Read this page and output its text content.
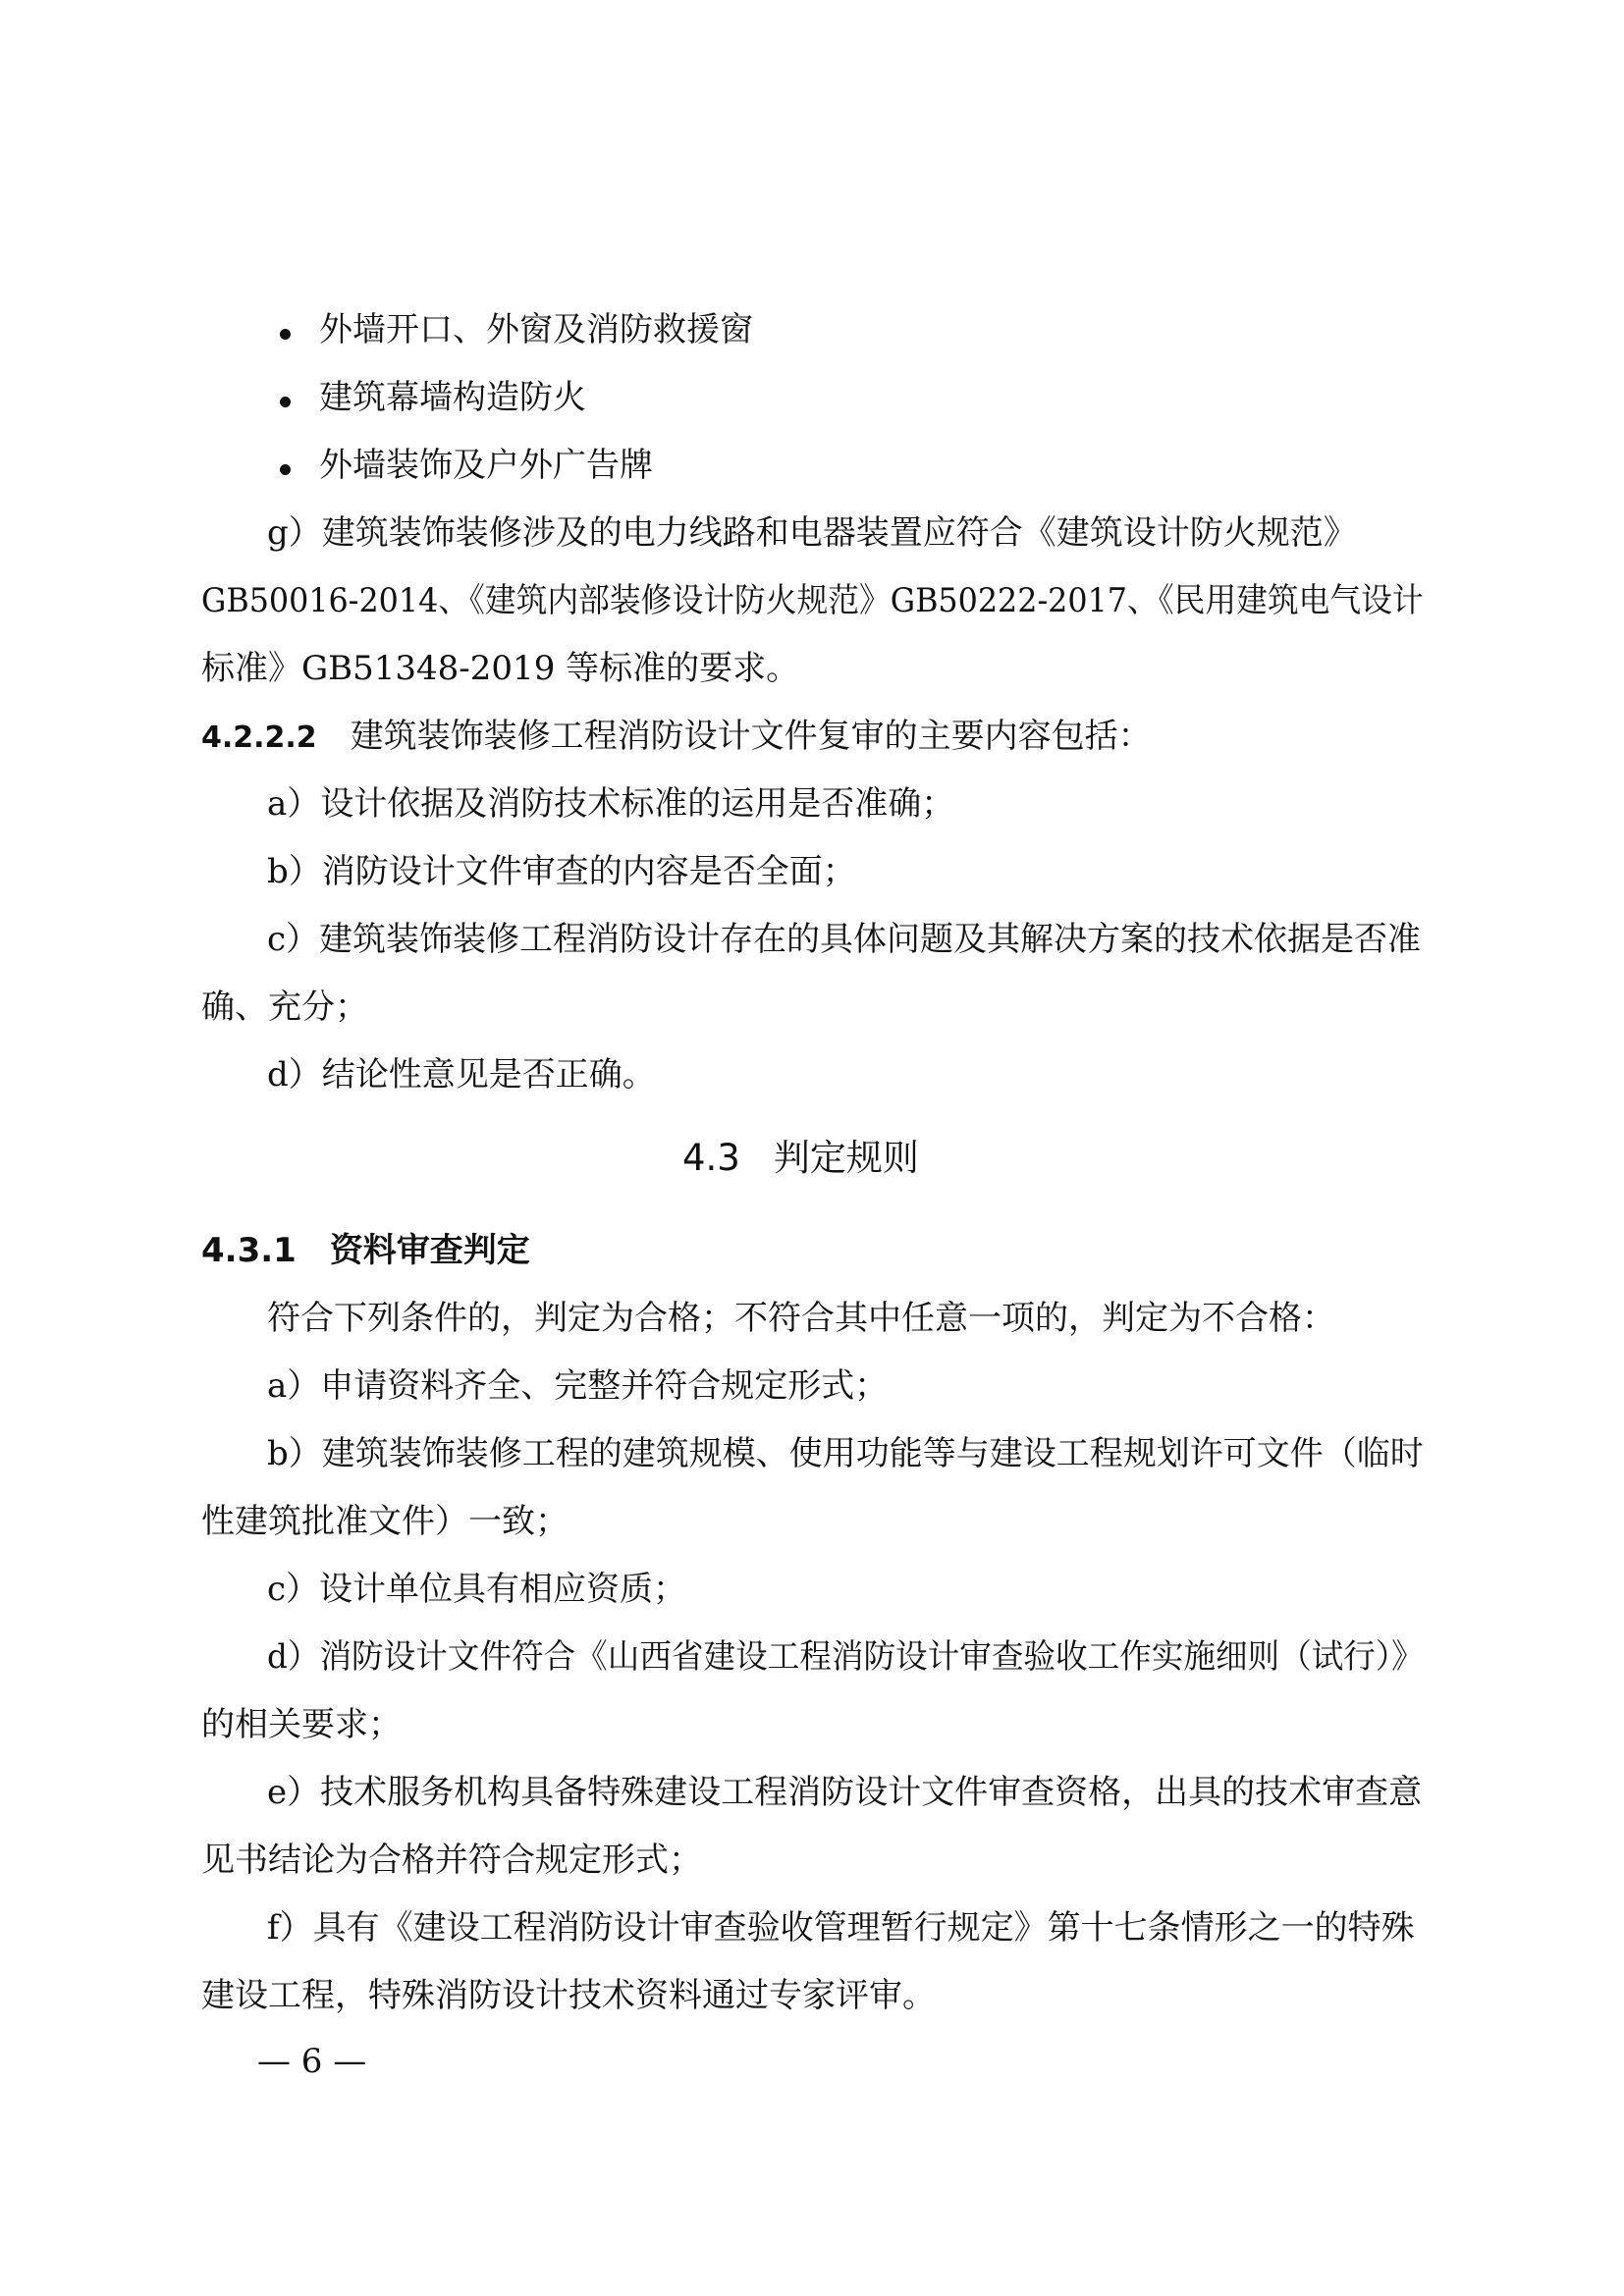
外墙开口、外窗及消防救援窗
建筑幕墙构造防火
外墙装饰及户外广告牌
g）建筑装饰装修涉及的电力线路和电器装置应符合《建筑设计防火规范》
GB50016-2014、《建筑内部装修设计防火规范》GB50222-2017、《民用建筑电气设计
标准》GB51348-2019 等标准的要求。
4.2.2.2 建筑装饰装修工程消防设计文件复审的主要内容包括：
a）设计依据及消防技术标准的运用是否准确；
b）消防设计文件审查的内容是否全面；
c）建筑装饰装修工程消防设计存在的具体问题及其解决方案的技术依据是否准
确、充分；
d）结论性意见是否正确。
4.3 判定规则
4.3.1 资料审查判定
符合下列条件的，判定为合格；不符合其中任意一项的，判定为不合格：
a）申请资料齐全、完整并符合规定形式；
b）建筑装饰装修工程的建筑规模、使用功能等与建设工程规划许可文件（临时
性建筑批准文件）一致；
c）设计单位具有相应资质；
d）消防设计文件符合《山西省建设工程消防设计审查验收工作实施细则（试行）》
的相关要求；
e）技术服务机构具备特殊建设工程消防设计文件审查资格，出具的技术审查意
见书结论为合格并符合规定形式；
f）具有《建设工程消防设计审查验收管理暂行规定》第十七条情形之一的特殊
建设工程，特殊消防设计技术资料通过专家评审。
— 6 —
